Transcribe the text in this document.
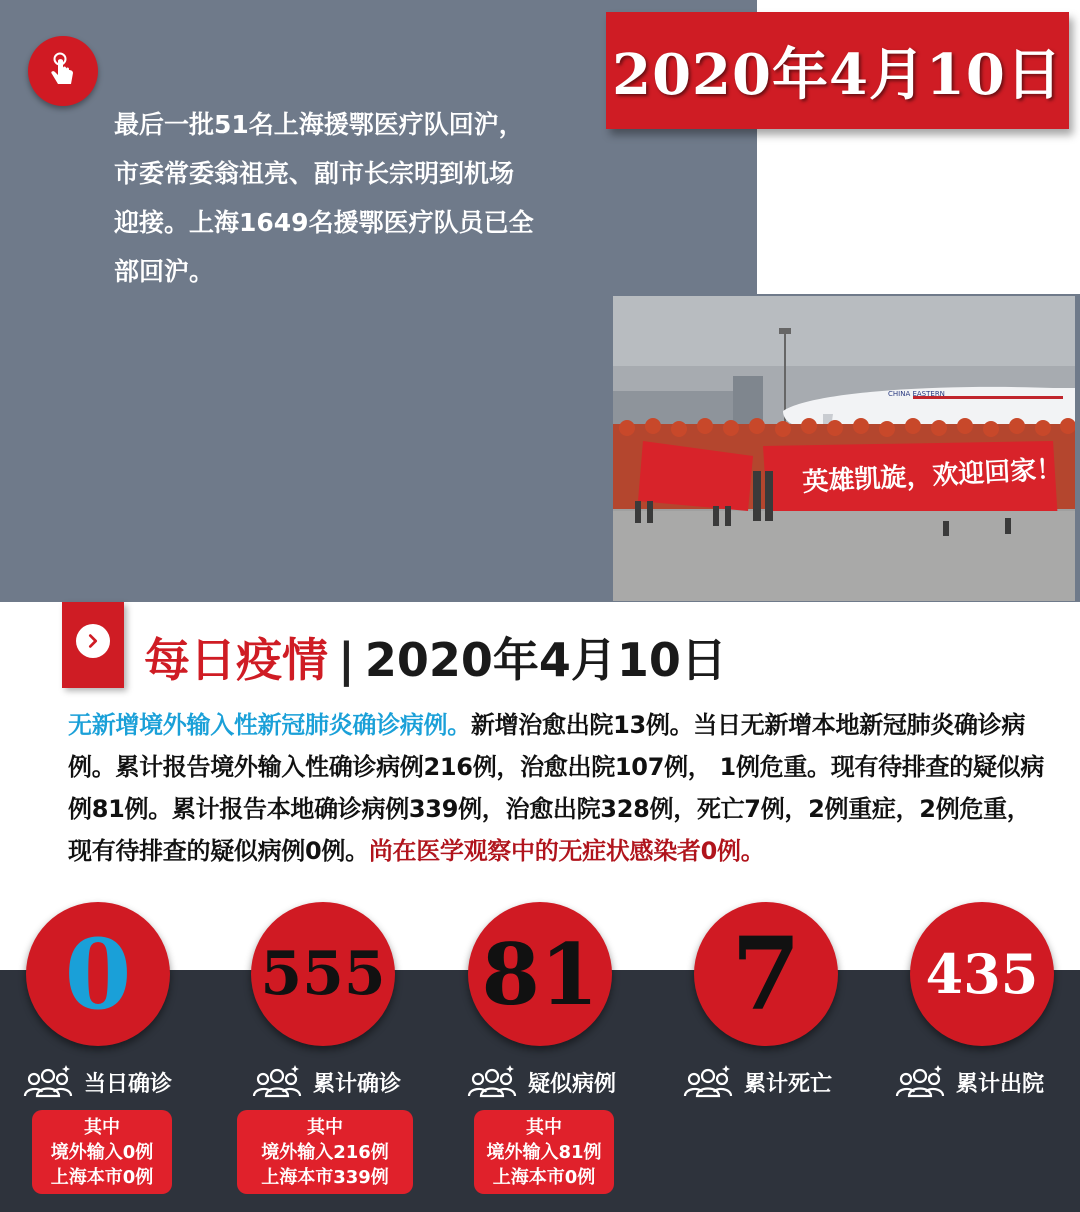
最后一批51名上海援鄂医疗队回沪，
市委常委翁祖亮、副市长宗明到机场
迎接。上海1649名援鄂医疗队员已全
部回沪。

2020年4月10日
CHINA EASTERN
英雄凯旋，欢迎回家！
每日疫情 | 2020年4月10日

无新增境外输入性新冠肺炎确诊病例。新增治愈出院13例。当日无新增本地新冠肺炎确诊病例。累计报告境外输入性确诊病例216例，治愈出院107例， 1例危重。现有待排查的疑似病例81例。累计报告本地确诊病例339例，治愈出院328例，死亡7例，2例重症，2例危重，现有待排查的疑似病例0例。尚在医学观察中的无症状感染者0例。

0
当日确诊
其中
境外输入0例
上海本市0例
555
累计确诊
其中
境外输入216例
上海本市339例
81
疑似病例
其中
境外输入81例
上海本市0例
7
累计死亡
435
累计出院
